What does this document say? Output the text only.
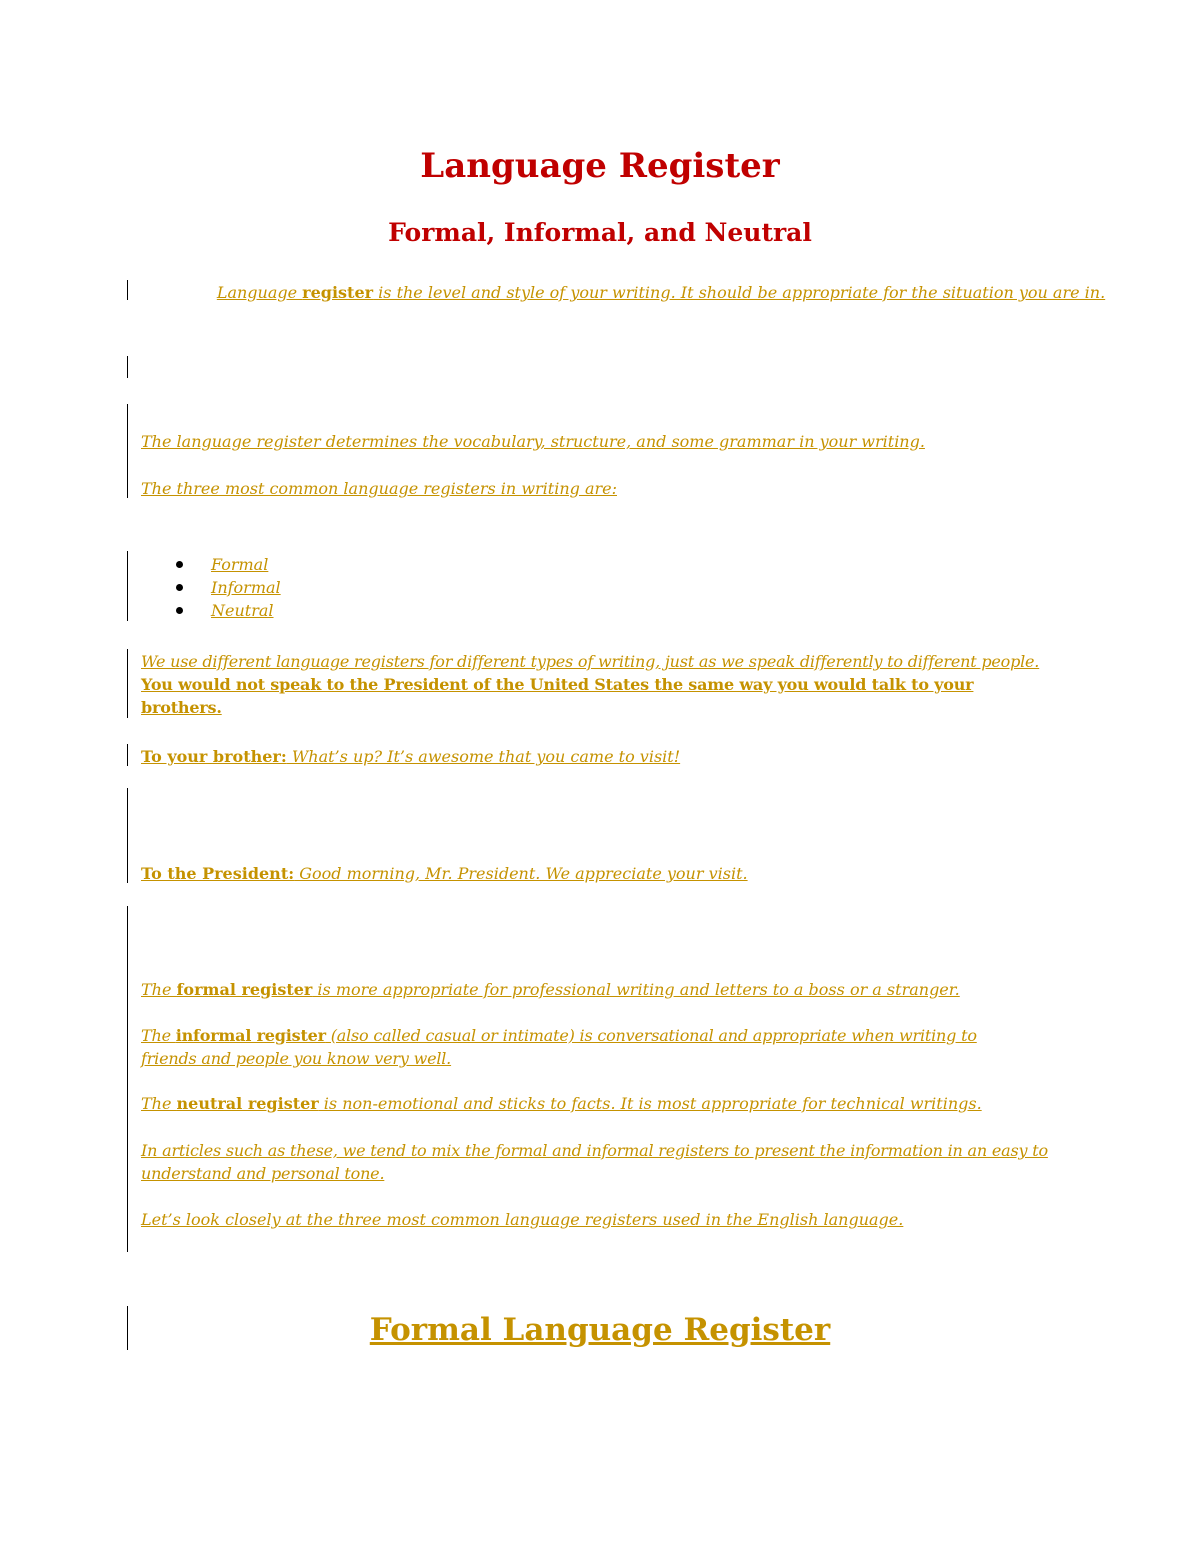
Language Register
Formal, Informal, and Neutral

Language register is the level and style of your writing. It should be appropriate for the situation you are in.

The language register determines the vocabulary, structure, and some grammar in your writing.

The three most common language registers in writing are:

Formal
Informal
Neutral

We use different language registers for different types of writing, just as we speak differently to different people. You would not speak to the President of the United States the same way you would talk to your brothers.

To your brother: What’s up? It’s awesome that you came to visit!

To the President: Good morning, Mr. President. We appreciate your visit.

The formal register is more appropriate for professional writing and letters to a boss or a stranger.

The informal register (also called casual or intimate) is conversational and appropriate when writing to friends and people you know very well.

The neutral register is non-emotional and sticks to facts. It is most appropriate for technical writings.

In articles such as these, we tend to mix the formal and informal registers to present the information in an easy to understand and personal tone.

Let’s look closely at the three most common language registers used in the English language.

Formal Language Register
